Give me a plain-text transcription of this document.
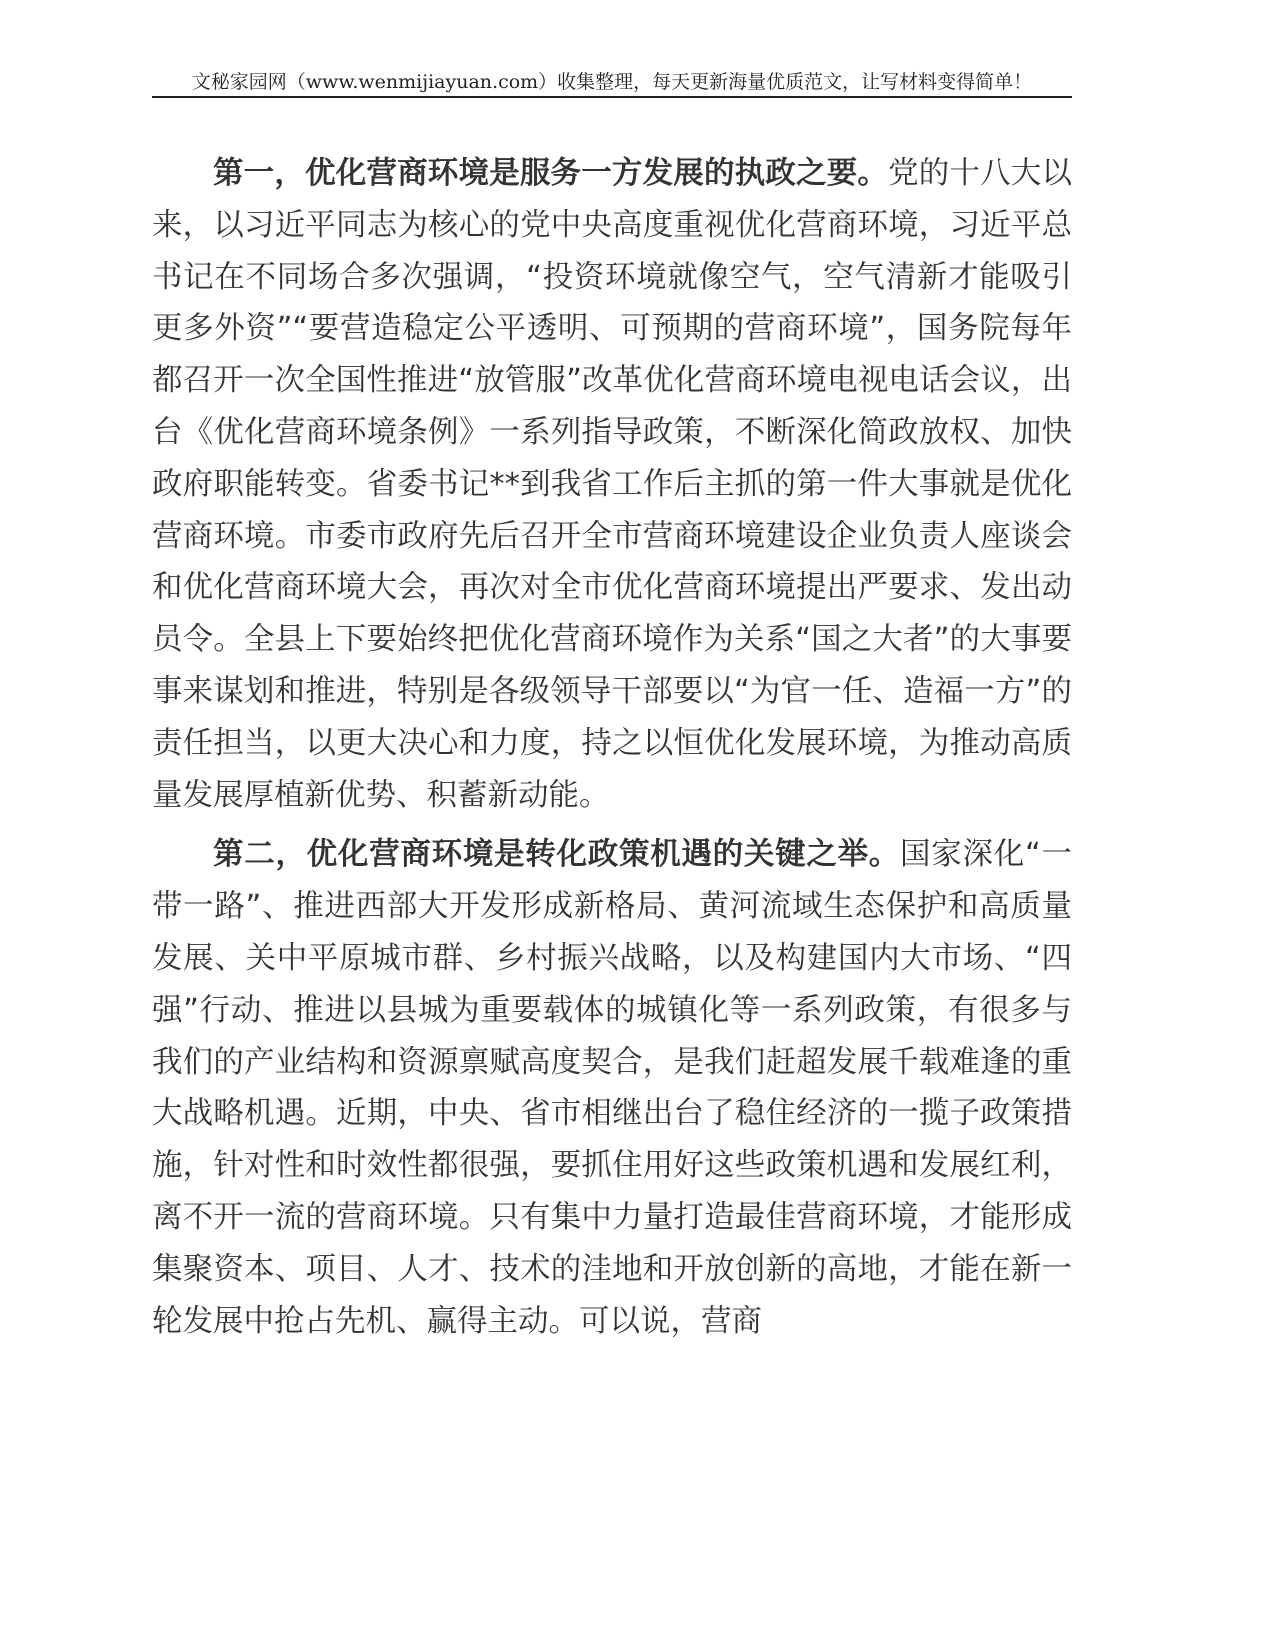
文秘家园网（www.wenmijiayuan.com）收集整理，每天更新海量优质范文，让写材料变得简单！

第一，优化营商环境是服务一方发展的执政之要。党的十八大以来，以习近平同志为核心的党中央高度重视优化营商环境，习近平总书记在不同场合多次强调，“投资环境就像空气，空气清新才能吸引更多外资”“要营造稳定公平透明、可预期的营商环境”，国务院每年都召开一次全国性推进“放管服”改革优化营商环境电视电话会议，出台《优化营商环境条例》一系列指导政策，不断深化简政放权、加快政府职能转变。省委书记**到我省工作后主抓的第一件大事就是优化营商环境。市委市政府先后召开全市营商环境建设企业负责人座谈会和优化营商环境大会，再次对全市优化营商环境提出严要求、发出动员令。全县上下要始终把优化营商环境作为关系“国之大者”的大事要事来谋划和推进，特别是各级领导干部要以“为官一任、造福一方”的责任担当，以更大决心和力度，持之以恒优化发展环境，为推动高质量发展厚植新优势、积蓄新动能。

第二，优化营商环境是转化政策机遇的关键之举。国家深化“一带一路”、推进西部大开发形成新格局、黄河流域生态保护和高质量发展、关中平原城市群、乡村振兴战略，以及构建国内大市场、“四强”行动、推进以县城为重要载体的城镇化等一系列政策，有很多与我们的产业结构和资源禀赋高度契合，是我们赶超发展千载难逢的重大战略机遇。近期，中央、省市相继出台了稳住经济的一揽子政策措施，针对性和时效性都很强，要抓住用好这些政策机遇和发展红利，离不开一流的营商环境。只有集中力量打造最佳营商环境，才能形成集聚资本、项目、人才、技术的洼地和开放创新的高地，才能在新一轮发展中抢占先机、赢得主动。可以说，营商
